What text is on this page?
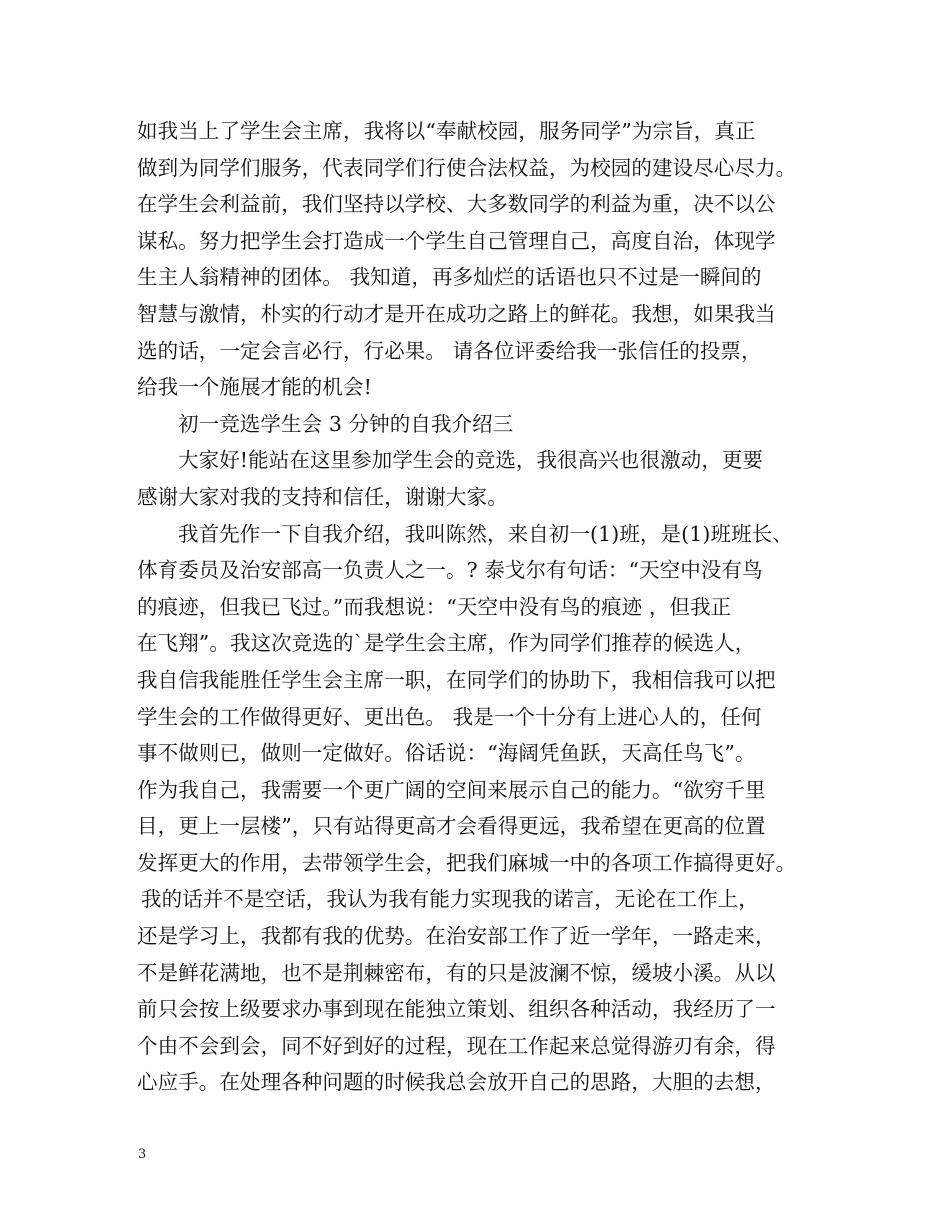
如我当上了学生会主席，我将以“奉献校园，服务同学”为宗旨，真正
做到为同学们服务，代表同学们行使合法权益，为校园的建设尽心尽力。
在学生会利益前，我们坚持以学校、大多数同学的利益为重，决不以公
谋私。努力把学生会打造成一个学生自己管理自己，高度自治，体现学
生主人翁精神的团体。 我知道，再多灿烂的话语也只不过是一瞬间的
智慧与激情，朴实的行动才是开在成功之路上的鲜花。我想，如果我当
选的话，一定会言必行，行必果。 请各位评委给我一张信任的投票，
给我一个施展才能的机会!
初一竞选学生会 3 分钟的自我介绍三
大家好!能站在这里参加学生会的竞选，我很高兴也很激动，更要
感谢大家对我的支持和信任，谢谢大家。
我首先作一下自我介绍，我叫陈然，来自初一(1)班，是(1)班班长、
体育委员及治安部高一负责人之一。? 泰戈尔有句话：“天空中没有鸟
的痕迹，但我已飞过。”而我想说：“天空中没有鸟的痕迹 ，但我正
在飞翔”。我这次竞选的`是学生会主席，作为同学们推荐的候选人，
我自信我能胜任学生会主席一职，在同学们的协助下，我相信我可以把
学生会的工作做得更好、更出色。 我是一个十分有上进心人的，任何
事不做则已，做则一定做好。俗话说：“海阔凭鱼跃，天高任鸟飞”。
作为我自己，我需要一个更广阔的空间来展示自己的能力。“欲穷千里
目，更上一层楼”，只有站得更高才会看得更远，我希望在更高的位置
发挥更大的作用，去带领学生会，把我们麻城一中的各项工作搞得更好。
我的话并不是空话，我认为我有能力实现我的诺言，无论在工作上，
还是学习上，我都有我的优势。在治安部工作了近一学年，一路走来，
不是鲜花满地，也不是荆棘密布，有的只是波澜不惊，缓坡小溪。从以
前只会按上级要求办事到现在能独立策划、组织各种活动，我经历了一
个由不会到会，同不好到好的过程，现在工作起来总觉得游刃有余，得
心应手。在处理各种问题的时候我总会放开自己的思路，大胆的去想，
3
